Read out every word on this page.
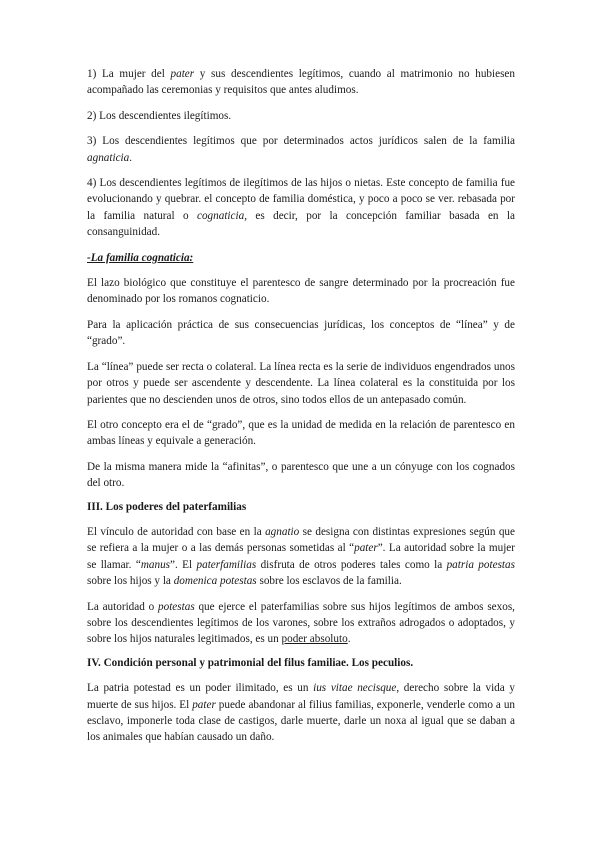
1) La mujer del pater y sus descendientes legítimos, cuando al matrimonio no hubiesen acompañado las ceremonias y requisitos que antes aludimos.

2) Los descendientes ilegítimos.

3) Los descendientes legítimos que por determinados actos jurídicos salen de la familia agnaticia.

4) Los descendientes legítimos de ilegítimos de las hijos o nietas. Este concepto de familia fue evolucionando y quebrar. el concepto de familia doméstica, y poco a poco se ver. rebasada por la familia natural o cognaticia, es decir, por la concepción familiar basada en la consanguinidad.

-La familia cognaticia:

El lazo biológico que constituye el parentesco de sangre determinado por la procreación fue denominado por los romanos cognaticio.

Para la aplicación práctica de sus consecuencias jurídicas, los conceptos de “línea” y de “grado”.

La “línea” puede ser recta o colateral. La línea recta es la serie de individuos engendrados unos por otros y puede ser ascendente y descendente. La línea colateral es la constituida por los parientes que no descienden unos de otros, sino todos ellos de un antepasado común.

El otro concepto era el de “grado”, que es la unidad de medida en la relación de parentesco en ambas líneas y equivale a generación.

De la misma manera mide la “afinitas”, o parentesco que une a un cónyuge con los cognados del otro.

III. Los poderes del paterfamilias

El vínculo de autoridad con base en la agnatio se designa con distintas expresiones según que se refiera a la mujer o a las demás personas sometidas al “pater”. La autoridad sobre la mujer se llamar. “manus”. El paterfamilias disfruta de otros poderes tales como la patria potestas sobre los hijos y la domenica potestas sobre los esclavos de la familia.

La autoridad o potestas que ejerce el paterfamilias sobre sus hijos legítimos de ambos sexos, sobre los descendientes legítimos de los varones, sobre los extraños adrogados o adoptados, y sobre los hijos naturales legitimados, es un poder absoluto.

IV. Condición personal y patrimonial del filus familiae. Los peculios.

La patria potestad es un poder ilimitado, es un ius vitae necisque, derecho sobre la vida y muerte de sus hijos. El pater puede abandonar al filius familias, exponerle, venderle como a un esclavo, imponerle toda clase de castigos, darle muerte, darle un noxa al igual que se daban a los animales que habían causado un daño.
